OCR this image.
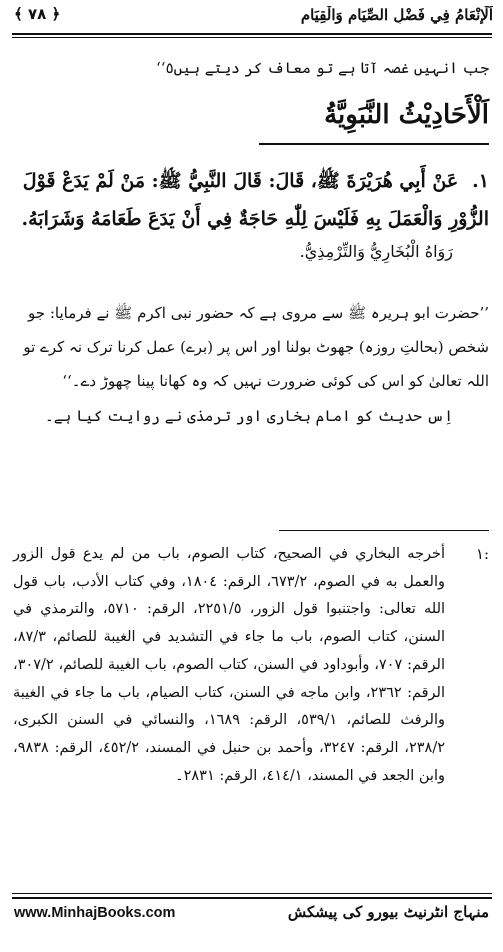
اَلْإِنْعَامُ فِي فَضْلِ الصِّيَامِ وَالْقِيَامِ
﴾ ۷۸ ﴿
جب انہیں غصہ آتا ہے تو معاف کر دیتے ہیں٥‘‘
اَلْأَحَادِيْثُ النَّبَوِيَّةُ
١.عَنْ أَبِي هُرَيْرَةَ ﷺ، قَالَ: قَالَ النَّبِيُّ ﷺ: مَنْ لَمْ يَدَعْ قَوْلَ الزُّوْرِ وَالْعَمَلَ بِهِ فَلَيْسَ لِلّٰهِ حَاجَةٌ فِي أَنْ يَدَعَ طَعَامَهُ وَشَرَابَهُ.
رَوَاهُ الْبُخَارِيُّ وَالتِّرْمِذِيُّ.
’’حضرت ابو ہریرہ ﷺ سے مروی ہے کہ حضور نبی اکرم ﷺ نے فرمایا: جو شخص (بحالتِ روزہ) جھوٹ بولنا اور اس پر (برے) عمل کرنا ترک نہ کرے تو اللہ تعالیٰ کو اس کی کوئی ضرورت نہیں کہ وہ کھانا پینا چھوڑ دے۔‘‘
اِس حدیث کو امام بخاری اور ترمذی نے روایت کیا ہے۔
:١
أخرجه البخاري في الصحيح، كتاب الصوم، باب من لم يدع قول الزور والعمل به في الصوم، ٦٧٣/٢، الرقم: ١٨٠٤، وفي كتاب الأدب، باب قول الله تعالى: واجتنبوا قول الزور، ٢٢٥١/٥، الرقم: ٥٧١٠، والترمذي في السنن، كتاب الصوم، باب ما جاء في التشديد في الغيبة للصائم، ٨٧/٣، الرقم: ٧٠٧، وأبوداود في السنن، كتاب الصوم، باب الغيبة للصائم، ٣٠٧/٢، الرقم: ٢٣٦٢، وابن ماجه في السنن، كتاب الصيام، باب ما جاء في الغيبة والرفث للصائم، ٥٣٩/١، الرقم: ١٦٨٩، والنسائي في السنن الكبرى، ٢٣٨/٢، الرقم: ٣٢٤٧، وأحمد بن حنبل في المسند، ٤٥٢/٢، الرقم: ٩٨٣٨، وابن الجعد في المسند، ٤١٤/١، الرقم: ٢٨٣١۔
www.MinhajBooks.com	منہاج انٹرنیٹ بیورو کی پیشکش
